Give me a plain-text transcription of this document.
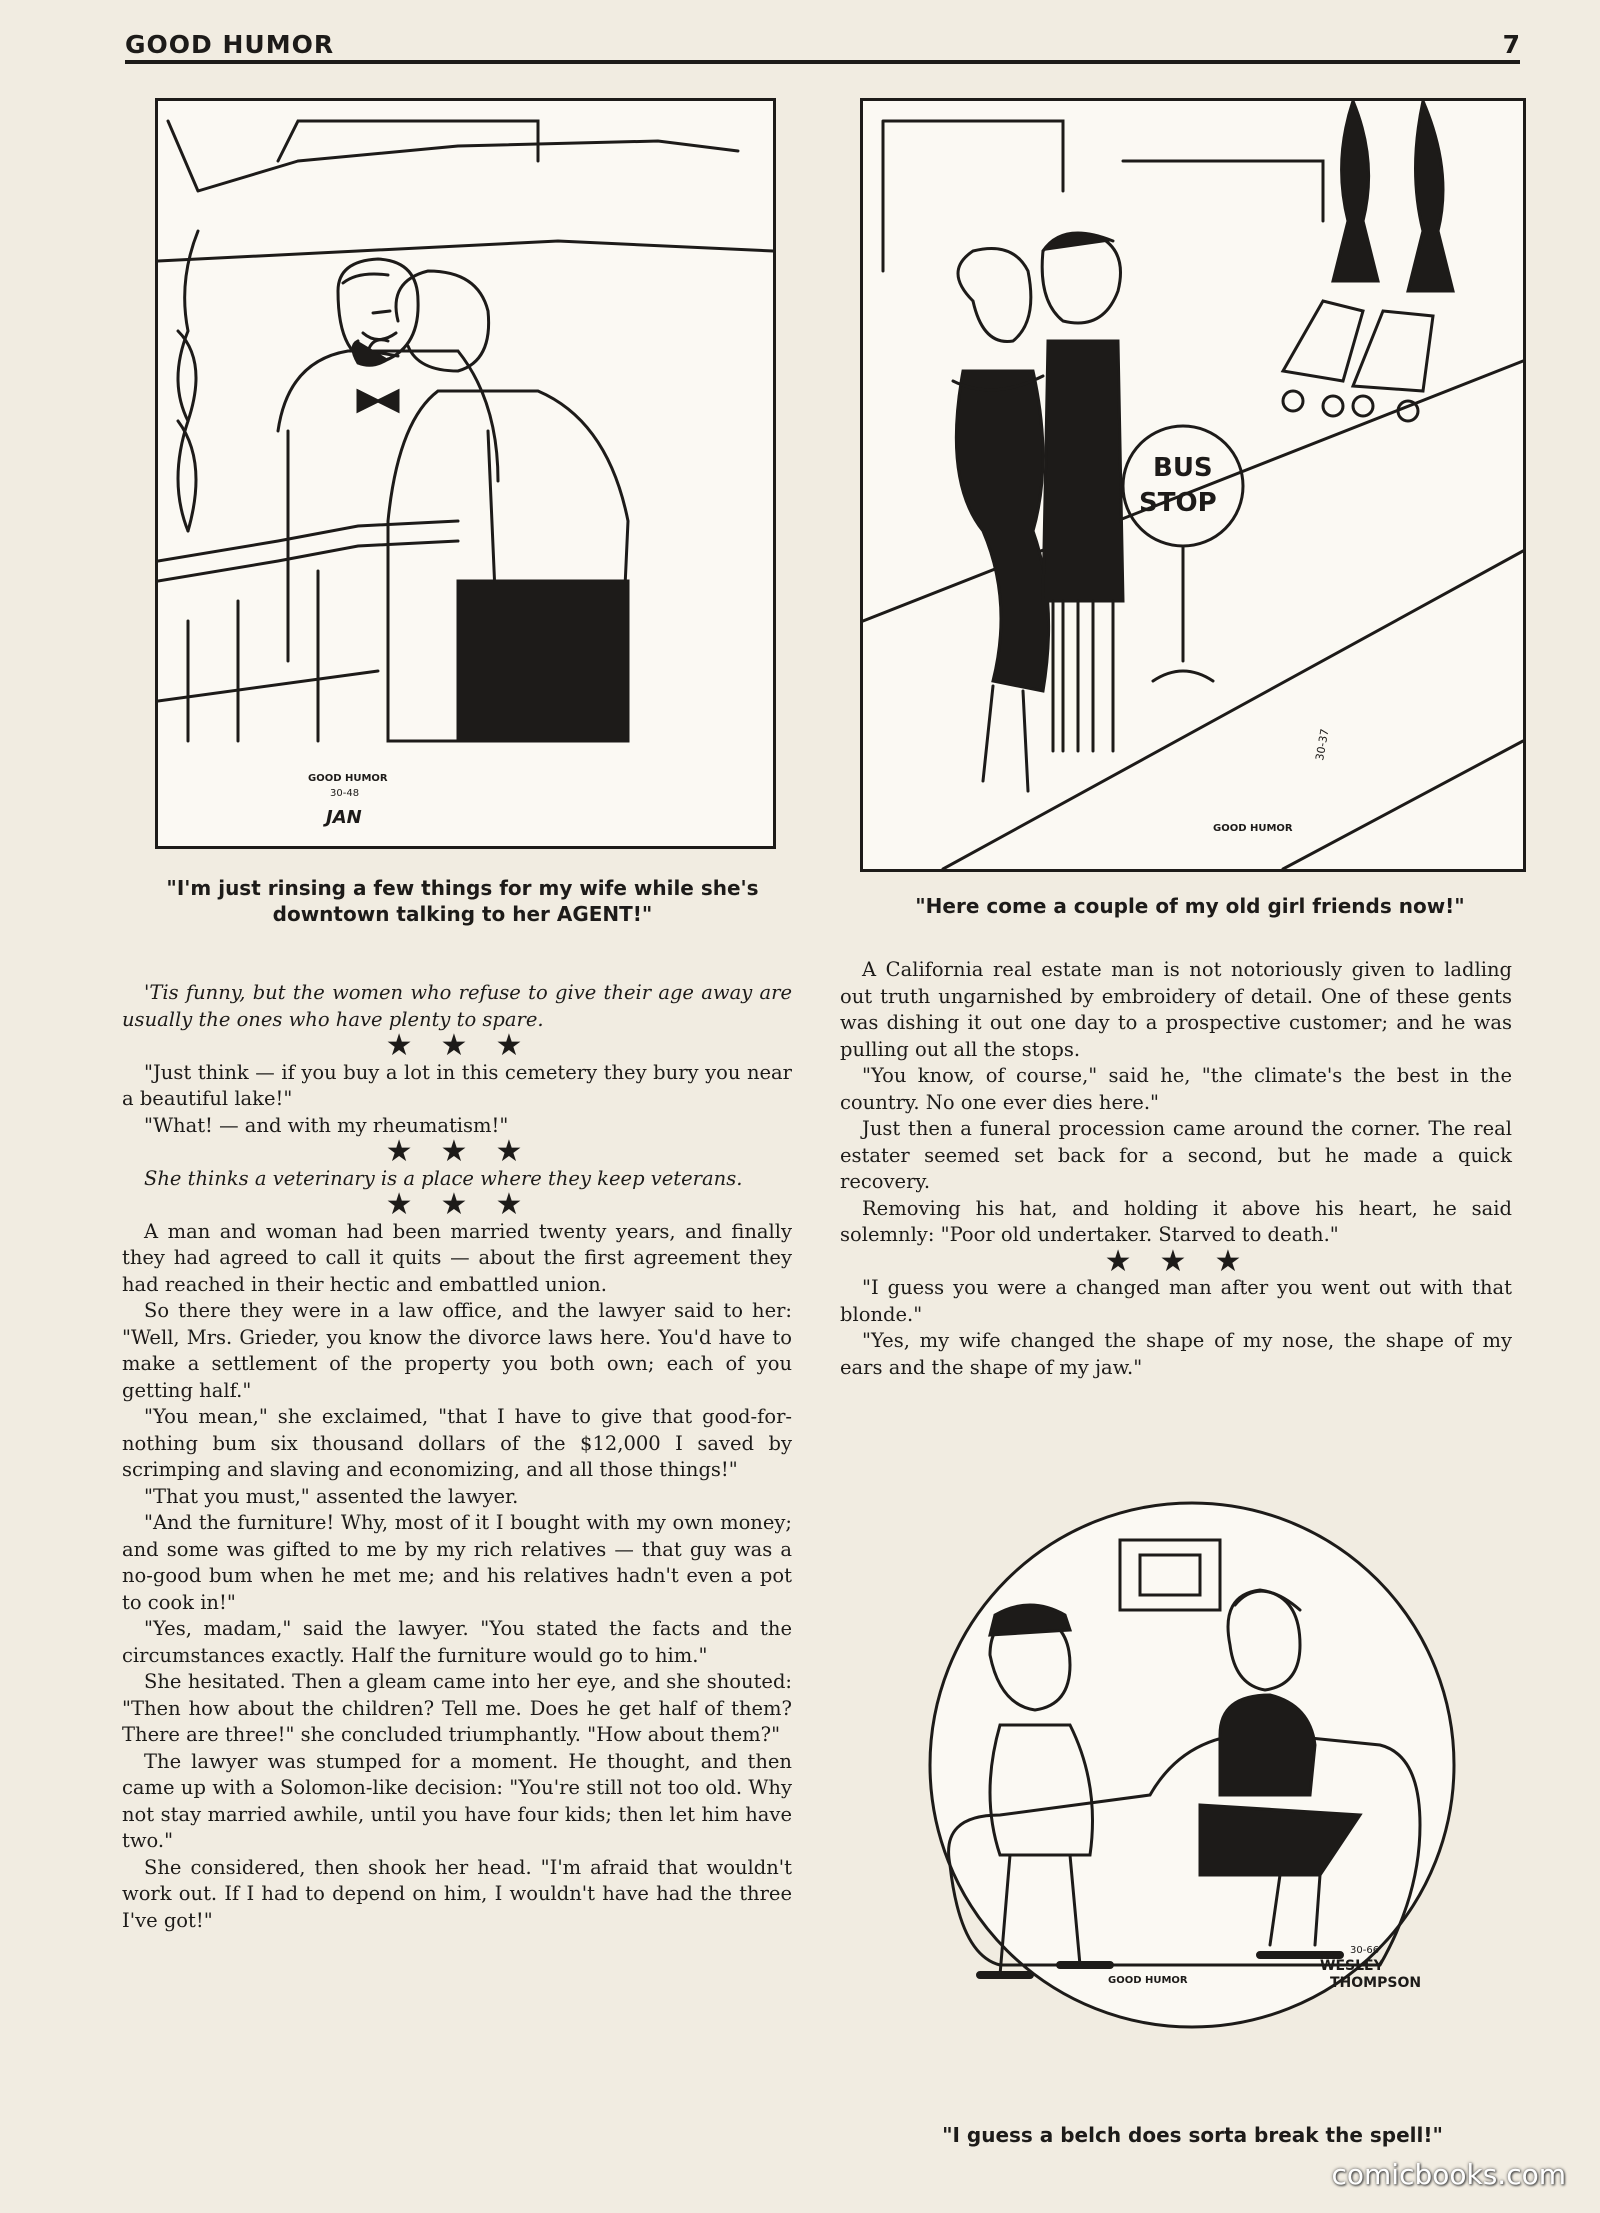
GOOD HUMOR	7
GOOD HUMOR
30-48
JAN
"I'm just rinsing a few things for my wife while she's downtown talking to her AGENT!"
BUS
STOP
GOOD HUMOR
30-37
"Here come a couple of my old girl friends now!"
GOOD HUMOR
30-66
WESLEY
THOMPSON
"I guess a belch does sorta break the spell!"

'Tis funny, but the women who refuse to give their age away are usually the ones who have plenty to spare.

★★★

"Just think — if you buy a lot in this cemetery they bury you near a beautiful lake!"

"What! — and with my rheumatism!"

★★★

She thinks a veterinary is a place where they keep veterans.

★★★

A man and woman had been married twenty years, and finally they had agreed to call it quits — about the first agreement they had reached in their hectic and embattled union.

So there they were in a law office, and the lawyer said to her: "Well, Mrs. Grieder, you know the divorce laws here. You'd have to make a settlement of the property you both own; each of you getting half."

"You mean," she exclaimed, "that I have to give that good-for-nothing bum six thousand dollars of the $12,000 I saved by scrimping and slaving and economizing, and all those things!"

"That you must," assented the lawyer.

"And the furniture! Why, most of it I bought with my own money; and some was gifted to me by my rich relatives — that guy was a no-good bum when he met me; and his relatives hadn't even a pot to cook in!"

"Yes, madam," said the lawyer. "You stated the facts and the circumstances exactly. Half the furniture would go to him."

She hesitated. Then a gleam came into her eye, and she shouted: "Then how about the children? Tell me. Does he get half of them? There are three!" she concluded triumphantly. "How about them?"

The lawyer was stumped for a moment. He thought, and then came up with a Solomon-like decision: "You're still not too old. Why not stay married awhile, until you have four kids; then let him have two."

She considered, then shook her head. "I'm afraid that wouldn't work out. If I had to depend on him, I wouldn't have had the three I've got!"

A California real estate man is not notoriously given to ladling out truth ungarnished by embroidery of detail. One of these gents was dishing it out one day to a prospective customer; and he was pulling out all the stops.

"You know, of course," said he, "the climate's the best in the country. No one ever dies here."

Just then a funeral procession came around the corner. The real estater seemed set back for a second, but he made a quick recovery.

Removing his hat, and holding it above his heart, he said solemnly: "Poor old undertaker. Starved to death."

★★★

"I guess you were a changed man after you went out with that blonde."

"Yes, my wife changed the shape of my nose, the shape of my ears and the shape of my jaw."

comicbooks.com
